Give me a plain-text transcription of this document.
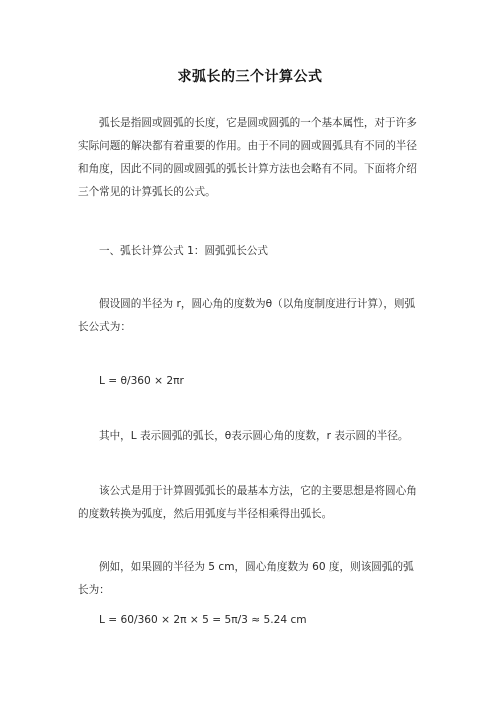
求弧长的三个计算公式

弧长是指圆或圆弧的长度，它是圆或圆弧的一个基本属性，对于许多实际问题的解决都有着重要的作用。由于不同的圆或圆弧具有不同的半径和角度，因此不同的圆或圆弧的弧长计算方法也会略有不同。下面将介绍三个常见的计算弧长的公式。

一、弧长计算公式 1：圆弧弧长公式

假设圆的半径为 r，圆心角的度数为θ（以角度制度进行计算），则弧长公式为：

L = θ/360 × 2πr

其中，L 表示圆弧的弧长，θ表示圆心角的度数，r 表示圆的半径。

该公式是用于计算圆弧弧长的最基本方法，它的主要思想是将圆心角的度数转换为弧度，然后用弧度与半径相乘得出弧长。

例如，如果圆的半径为 5 cm，圆心角度数为 60 度，则该圆弧的弧长为：

L = 60/360 × 2π × 5 = 5π/3 ≈ 5.24 cm
